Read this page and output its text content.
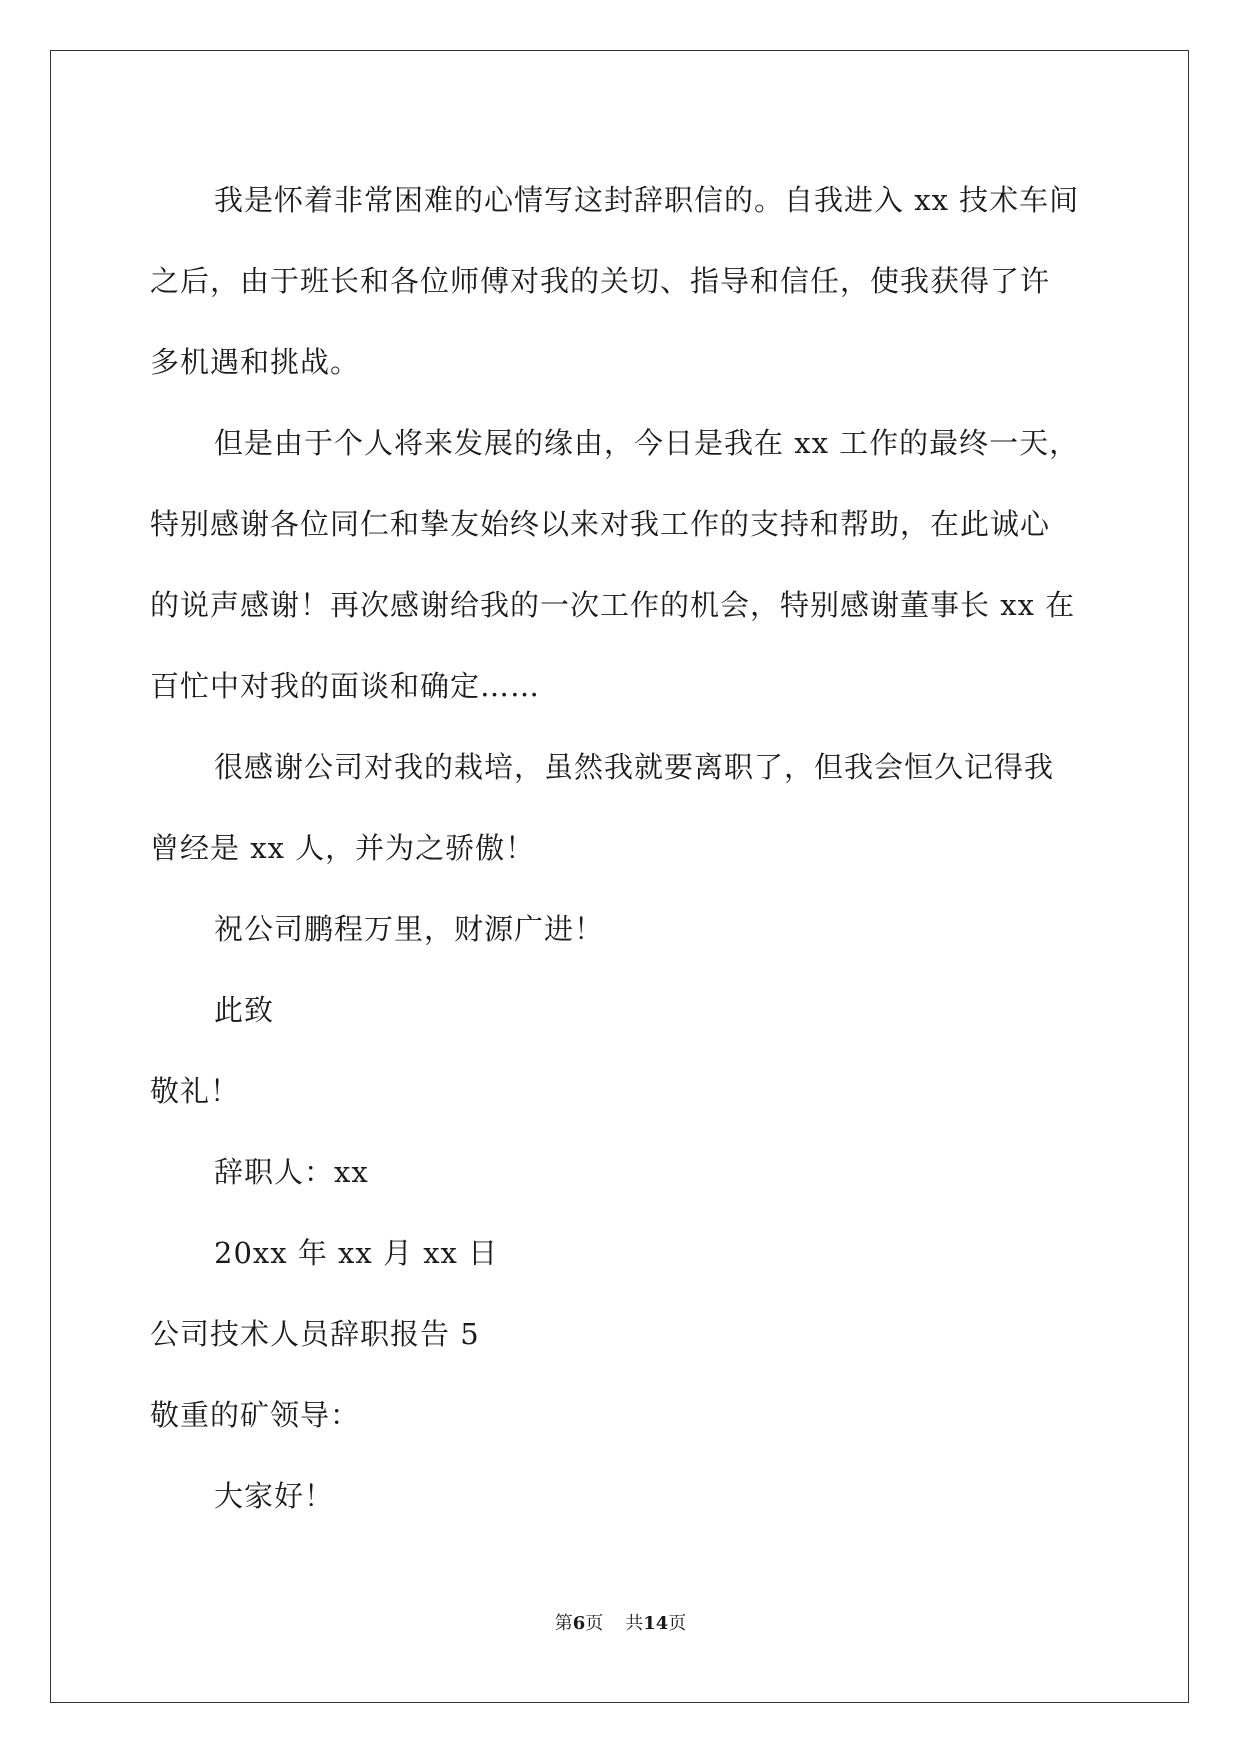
我是怀着非常困难的心情写这封辞职信的。自我进入 xx 技术车间
之后，由于班长和各位师傅对我的关切、指导和信任，使我获得了许
多机遇和挑战。
但是由于个人将来发展的缘由，今日是我在 xx 工作的最终一天，
特别感谢各位同仁和挚友始终以来对我工作的支持和帮助，在此诚心
的说声感谢！再次感谢给我的一次工作的机会，特别感谢董事长 xx 在
百忙中对我的面谈和确定……
很感谢公司对我的栽培，虽然我就要离职了，但我会恒久记得我
曾经是 xx 人，并为之骄傲！
祝公司鹏程万里，财源广进！
此致
敬礼！
辞职人：xx
20xx 年 xx 月 xx 日
公司技术人员辞职报告 5
敬重的矿领导：
大家好！
第6页 共14页
